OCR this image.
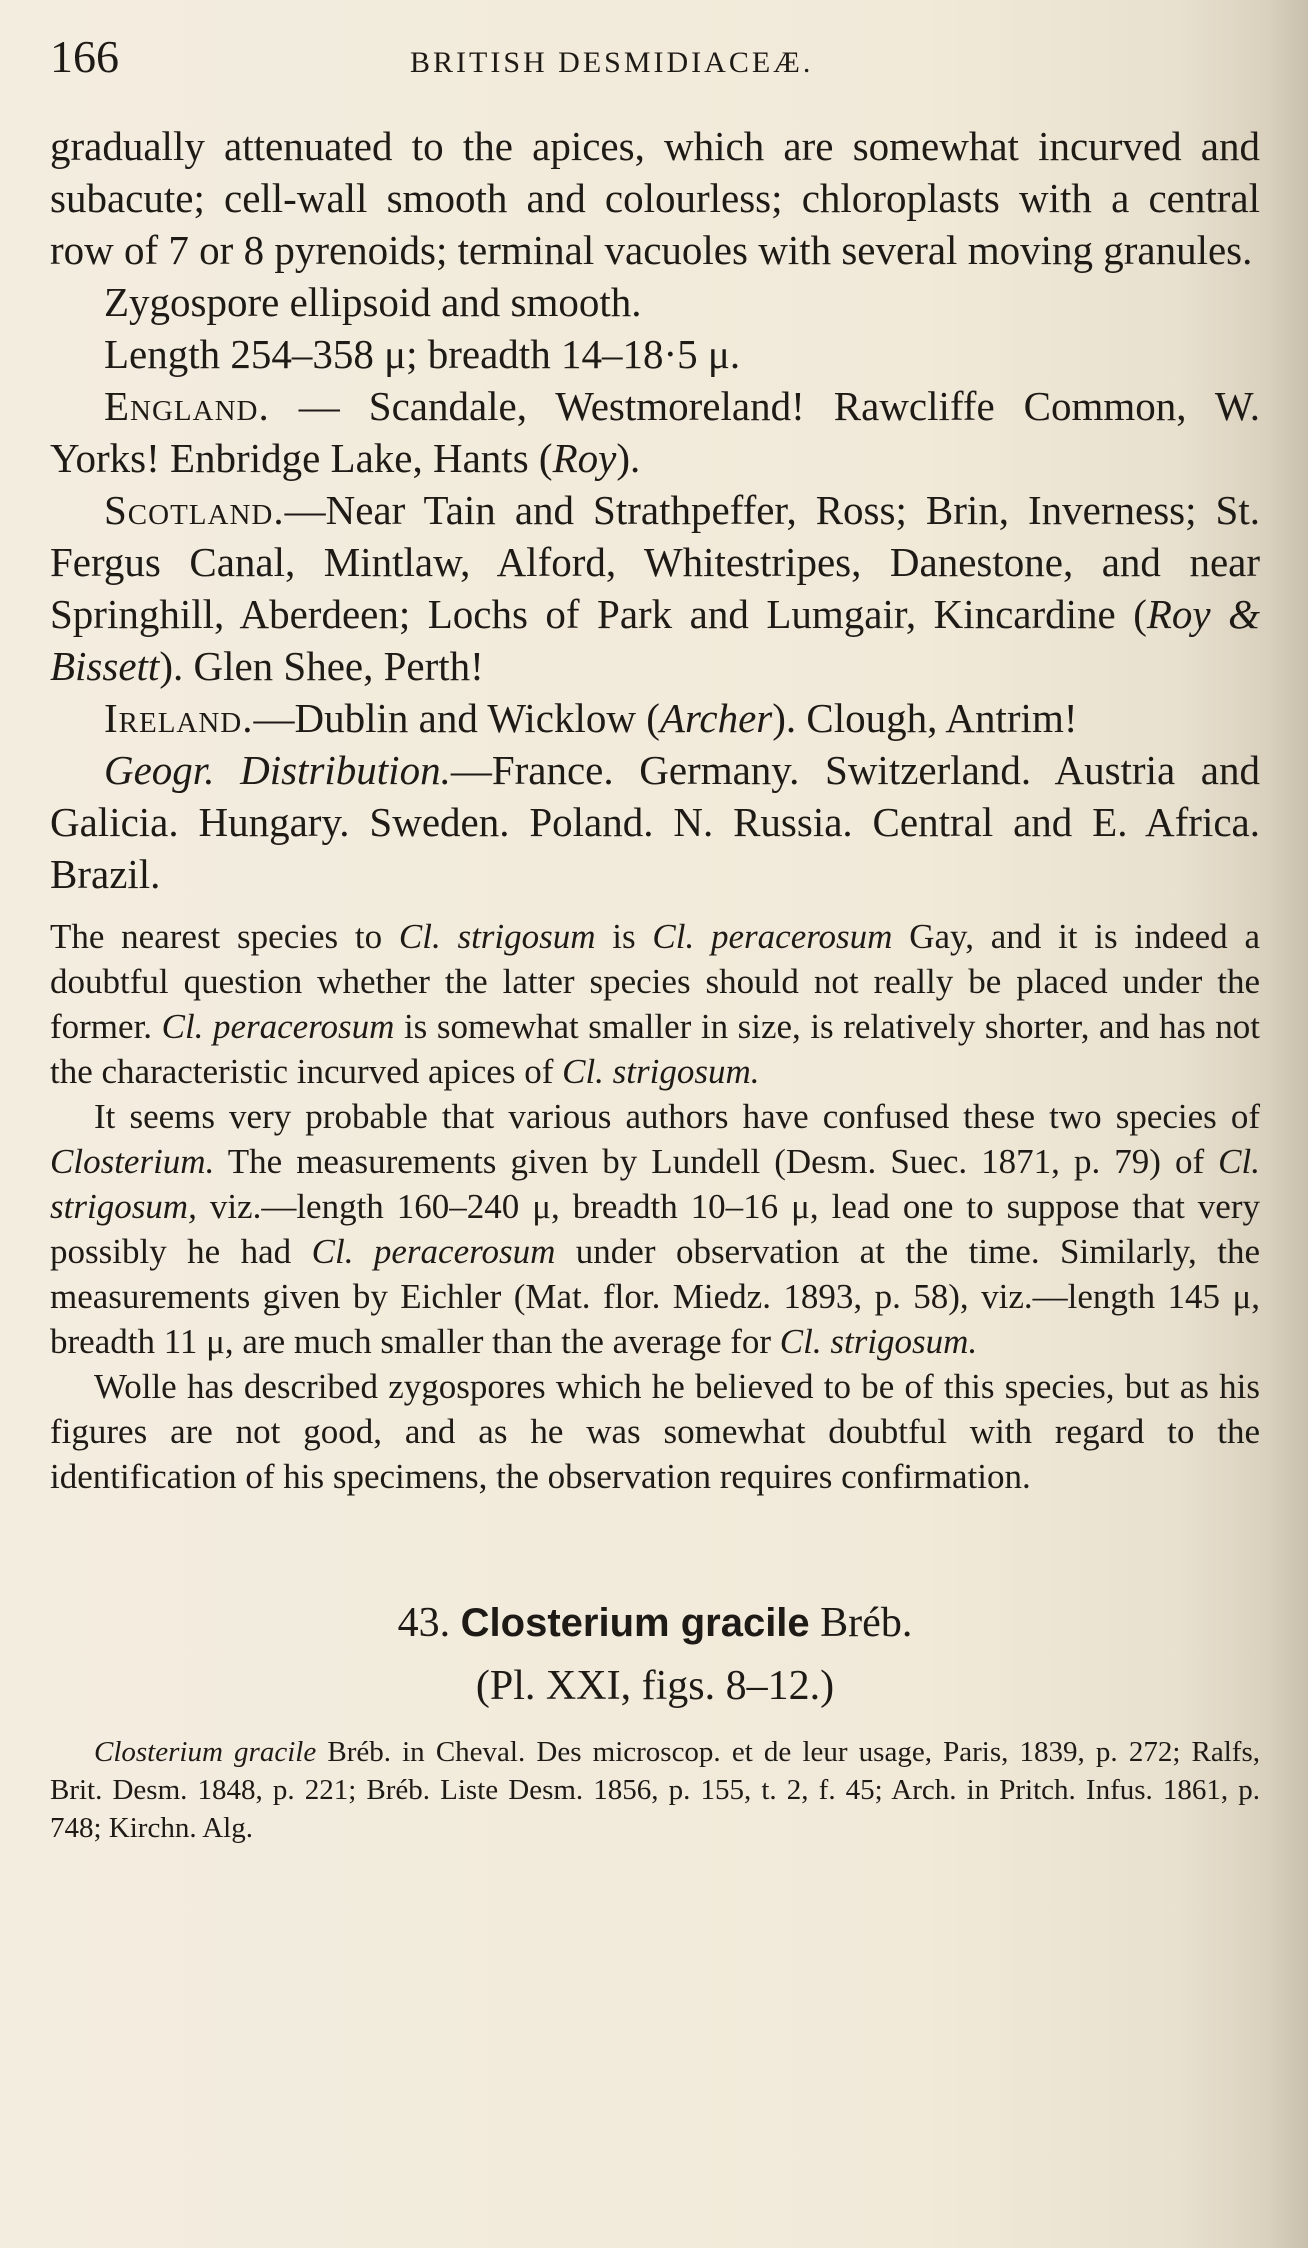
166	BRITISH DESMIDIACEÆ.

gradually attenuated to the apices, which are somewhat incurved and subacute; cell-wall smooth and colourless; chloroplasts with a central row of 7 or 8 pyrenoids; terminal vacuoles with several moving granules.

Zygospore ellipsoid and smooth.

Length 254–358 μ; breadth 14–18·5 μ.

England. — Scandale, Westmoreland! Rawcliffe Common, W. Yorks! Enbridge Lake, Hants (Roy).

Scotland.—Near Tain and Strathpeffer, Ross; Brin, Inverness; St. Fergus Canal, Mintlaw, Alford, Whitestripes, Danestone, and near Springhill, Aberdeen; Lochs of Park and Lumgair, Kincardine (Roy & Bissett). Glen Shee, Perth!

Ireland.—Dublin and Wicklow (Archer). Clough, Antrim!

Geogr. Distribution.—France. Germany. Switzerland. Austria and Galicia. Hungary. Sweden. Poland. N. Russia. Central and E. Africa. Brazil.

The nearest species to Cl. strigosum is Cl. peracerosum Gay, and it is indeed a doubtful question whether the latter species should not really be placed under the former. Cl. peracerosum is somewhat smaller in size, is relatively shorter, and has not the characteristic incurved apices of Cl. strigosum.

It seems very probable that various authors have confused these two species of Closterium. The measurements given by Lundell (Desm. Suec. 1871, p. 79) of Cl. strigosum, viz.—length 160–240 μ, breadth 10–16 μ, lead one to suppose that very possibly he had Cl. peracerosum under observation at the time. Similarly, the measurements given by Eichler (Mat. flor. Miedz. 1893, p. 58), viz.—length 145 μ, breadth 11 μ, are much smaller than the average for Cl. strigosum.

Wolle has described zygospores which he believed to be of this species, but as his figures are not good, and as he was somewhat doubtful with regard to the identification of his specimens, the observation requires confirmation.

43. Closterium gracile Bréb.
(Pl. XXI, figs. 8–12.)
Closterium gracile Bréb. in Cheval. Des microscop. et de leur usage, Paris, 1839, p. 272; Ralfs, Brit. Desm. 1848, p. 221; Bréb. Liste Desm. 1856, p. 155, t. 2, f. 45; Arch. in Pritch. Infus. 1861, p. 748; Kirchn. Alg.
